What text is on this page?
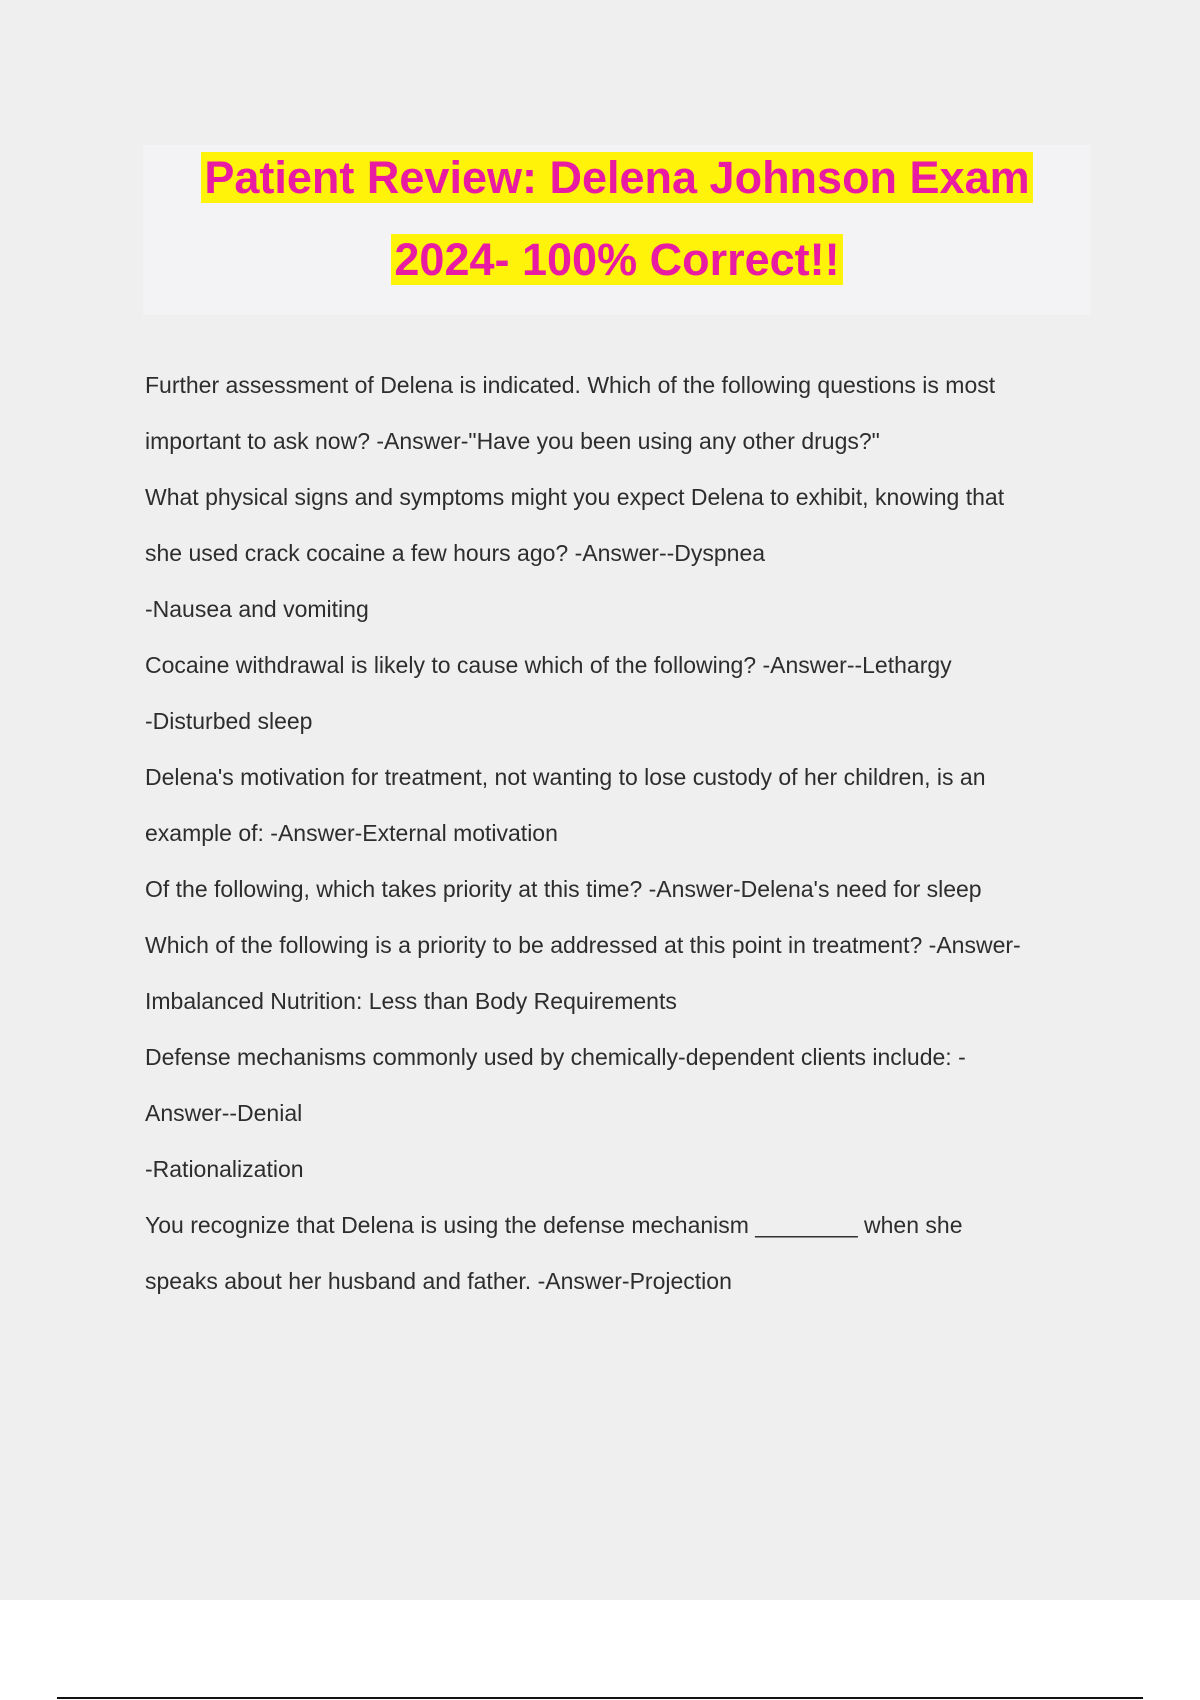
Patient Review: Delena Johnson Exam
2024- 100% Correct!!
Further assessment of Delena is indicated. Which of the following questions is most
important to ask now? -Answer-"Have you been using any other drugs?"
What physical signs and symptoms might you expect Delena to exhibit, knowing that
she used crack cocaine a few hours ago? -Answer--Dyspnea
-Nausea and vomiting
Cocaine withdrawal is likely to cause which of the following? -Answer--Lethargy
-Disturbed sleep
Delena's motivation for treatment, not wanting to lose custody of her children, is an
example of: -Answer-External motivation
Of the following, which takes priority at this time? -Answer-Delena's need for sleep
Which of the following is a priority to be addressed at this point in treatment? -Answer-
Imbalanced Nutrition: Less than Body Requirements
Defense mechanisms commonly used by chemically-dependent clients include: -
Answer--Denial
-Rationalization
You recognize that Delena is using the defense mechanism ________ when she
speaks about her husband and father. -Answer-Projection
